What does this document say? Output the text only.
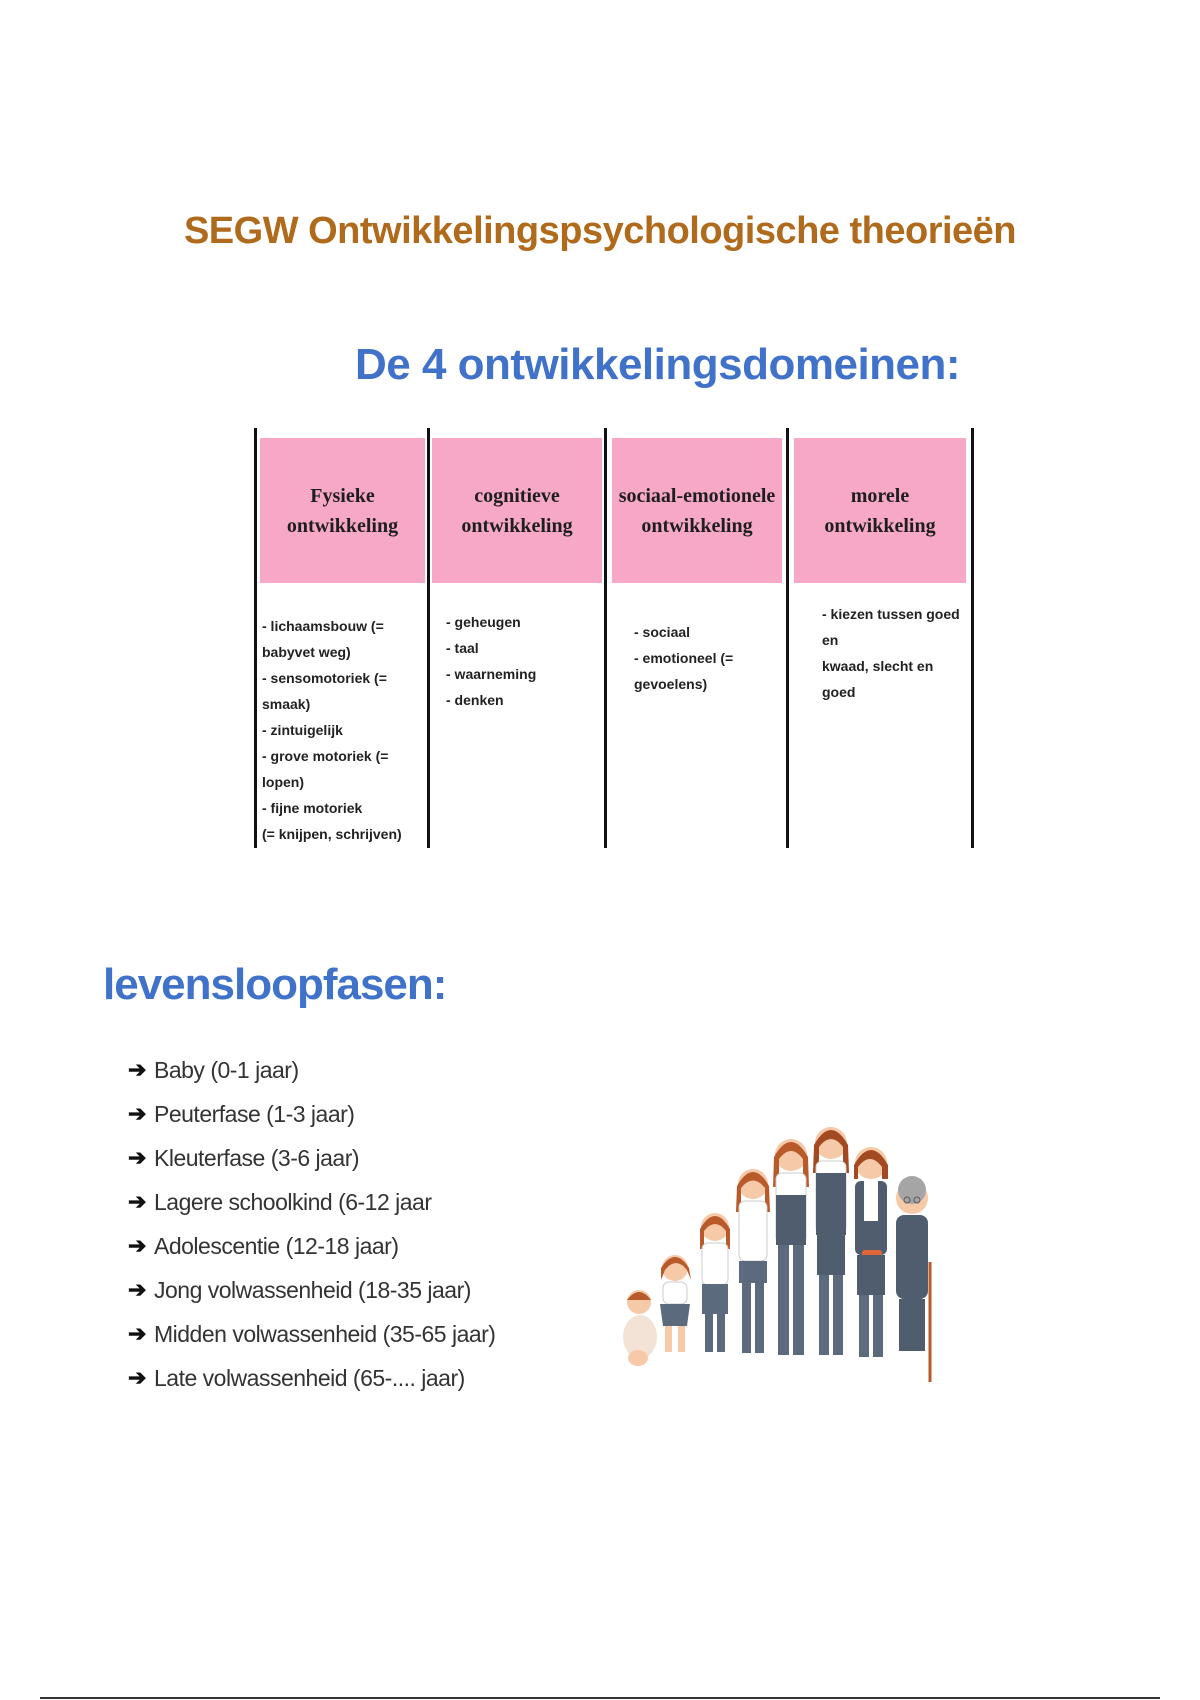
SEGW Ontwikkelingspsychologische theorieën
De 4 ontwikkelingsdomeinen:
Fysieke ontwikkeling
- lichaamsbouw (= babyvet weg)
- sensomotoriek (= smaak)
- zintuigelijk
- grove motoriek (= lopen)
- fijne motoriek
(= knijpen, schrijven)
cognitieve ontwikkeling
- geheugen
- taal
- waarneming
- denken
sociaal-emotionele ontwikkeling
- sociaal
- emotioneel (= gevoelens)
morele ontwikkeling
- kiezen tussen goed en
kwaad, slecht en goed
levensloopfasen:
➔ Baby (0-1 jaar)
➔ Peuterfase (1-3 jaar)
➔ Kleuterfase (3-6 jaar)
➔ Lagere schoolkind (6-12 jaar
➔ Adolescentie (12-18 jaar)
➔ Jong volwassenheid (18-35 jaar)
➔ Midden volwassenheid (35-65 jaar)
➔ Late volwassenheid (65-.... jaar)
